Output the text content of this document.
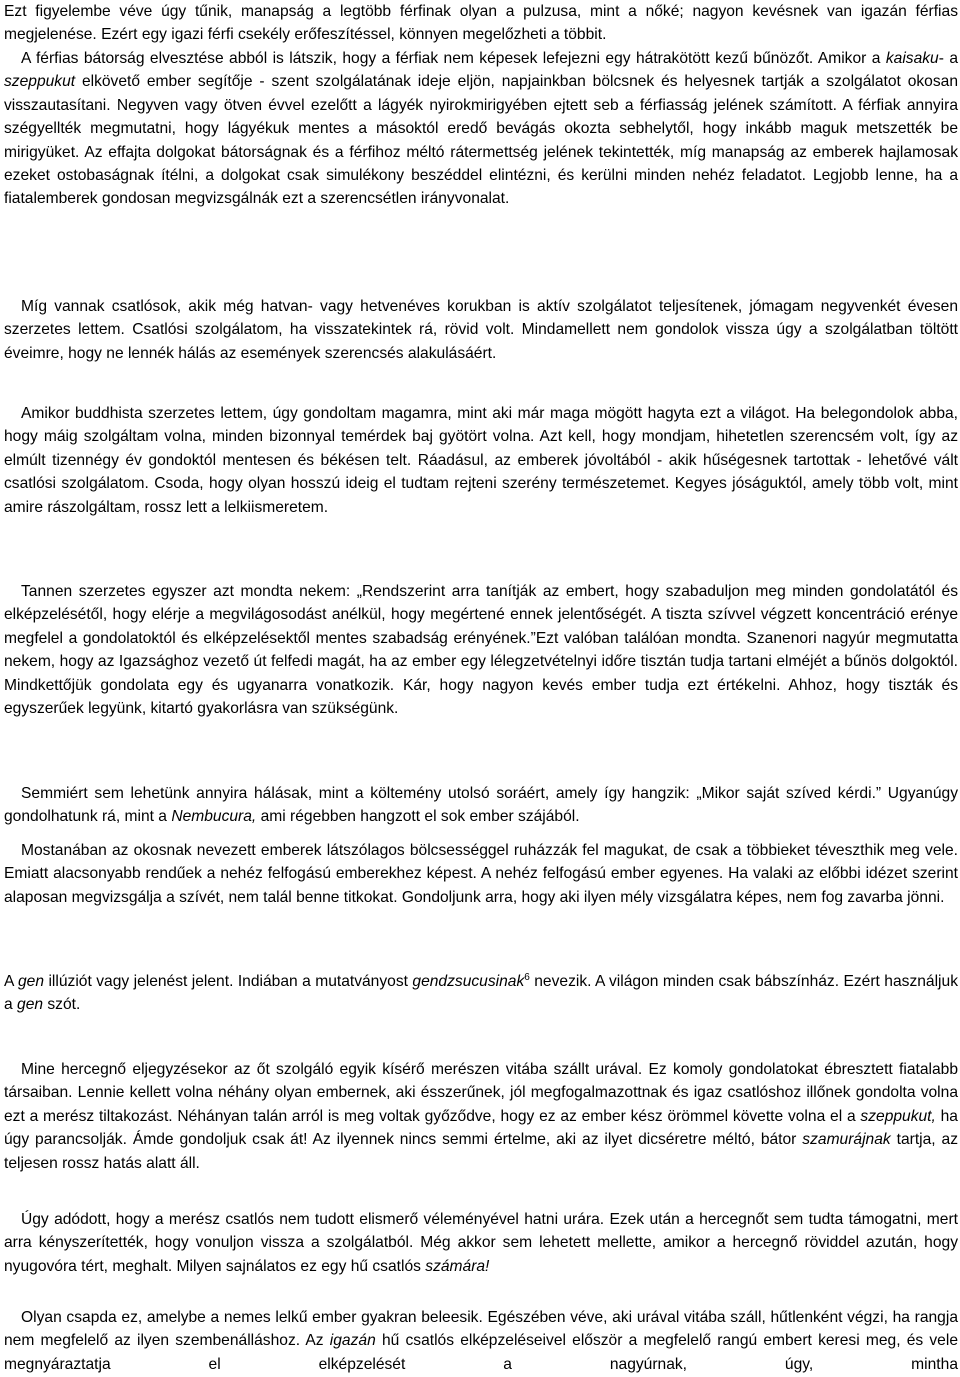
Ezt figyelembe véve úgy tűnik, manapság a legtöbb férfinak olyan a pulzusa, mint a nőké; nagyon kevésnek van igazán férfias megjelenése. Ezért egy igazi férfi csekély erőfeszítéssel, könnyen megelőzheti a többit.

A férfias bátorság elvesztése abból is látszik, hogy a férfiak nem képesek lefejezni egy hátrakötött kezű bűnözőt. Amikor a kaisaku- a szeppukut elkövető ember segítője - szent szolgálatának ideje eljön, napjainkban bölcsnek és helyesnek tartják a szolgálatot okosan visszautasítani. Negyven vagy ötven évvel ezelőtt a lágyék nyirokmirigyében ejtett seb a férfiasság jelének számított. A férfiak annyira szégyellték megmutatni, hogy lágyékuk mentes a másoktól eredő bevágás okozta sebhelytől, hogy inkább maguk metszették be mirigyüket. Az effajta dolgokat bátorságnak és a férfihoz méltó rátermettség jelének tekintették, míg manapság az emberek hajlamosak ezeket ostobaságnak ítélni, a dolgokat csak simulékony beszéddel elintézni, és kerülni minden nehéz feladatot. Legjobb lenne, ha a fiatalemberek gondosan megvizsgálnák ezt a szerencsétlen irányvonalat.

Míg vannak csatlósok, akik még hatvan- vagy hetvenéves korukban is aktív szolgálatot teljesítenek, jómagam negyvenkét évesen szerzetes lettem. Csatlósi szolgálatom, ha visszatekintek rá, rövid volt. Mindamellett nem gondolok vissza úgy a szolgálatban töltött éveimre, hogy ne lennék hálás az események szerencsés alakulásáért.

Amikor buddhista szerzetes lettem, úgy gondoltam magamra, mint aki már maga mögött hagyta ezt a világot. Ha belegondolok abba, hogy máig szolgáltam volna, minden bizonnyal temérdek baj gyötört volna. Azt kell, hogy mondjam, hihetetlen szerencsém volt, így az elmúlt tizennégy év gondoktól mentesen és békésen telt. Ráadásul, az emberek jóvoltából - akik hűségesnek tartottak - lehetővé vált csatlósi szolgálatom. Csoda, hogy olyan hosszú ideig el tudtam rejteni szerény természetemet. Kegyes jóságuktól, amely több volt, mint amire rászolgáltam, rossz lett a lelkiismeretem.

Tannen szerzetes egyszer azt mondta nekem: „Rendszerint arra tanítják az embert, hogy szabaduljon meg minden gondolatától és elképzelésétől, hogy elérje a megvilágosodást anélkül, hogy megértené ennek jelentőségét. A tiszta szívvel végzett koncentráció erénye megfelel a gondolatoktól és elképzelésektől mentes szabadság erényének.”Ezt valóban találóan mondta. Szanenori nagyúr megmutatta nekem, hogy az Igazsághoz vezető út felfedi magát, ha az ember egy lélegzetvételnyi időre tisztán tudja tartani elméjét a bűnös dolgoktól. Mindkettőjük gondolata egy és ugyanarra vonatkozik. Kár, hogy nagyon kevés ember tudja ezt értékelni. Ahhoz, hogy tiszták és egyszerűek legyünk, kitartó gyakorlásra van szükségünk.

Semmiért sem lehetünk annyira hálásak, mint a költemény utolsó soráért, amely így hangzik: „Mikor saját szíved kérdi.” Ugyanúgy gondolhatunk rá, mint a Nembucura, ami régebben hangzott el sok ember szájából.

Mostanában az okosnak nevezett emberek látszólagos bölcsességgel ruházzák fel magukat, de csak a többieket téveszthik meg vele. Emiatt alacsonyabb rendűek a nehéz felfogású emberekhez képest. A nehéz felfogású ember egyenes. Ha valaki az előbbi idézet szerint alaposan megvizsgálja a szívét, nem talál benne titkokat. Gondoljunk arra, hogy aki ilyen mély vizsgálatra képes, nem fog zavarba jönni.

A gen illúziót vagy jelenést jelent. Indiában a mutatványost gendzsucusinak$^6$ nevezik. A világon minden csak bábszínház. Ezért használjuk a gen szót.

Mine hercegnő eljegyzésekor az őt szolgáló egyik kísérő merészen vitába szállt urával. Ez komoly gondolatokat ébresztett fiatalabb társaiban. Lennie kellett volna néhány olyan embernek, aki ésszerűnek, jól megfogalmazottnak és igaz csatlóshoz illőnek gondolta volna ezt a merész tiltakozást. Néhányan talán arról is meg voltak győződve, hogy ez az ember kész örömmel követte volna el a szeppukut, ha úgy parancsolják. Ámde gondoljuk csak át! Az ilyennek nincs semmi értelme, aki az ilyet dicséretre méltó, bátor szamurájnak tartja, az teljesen rossz hatás alatt áll.

Úgy adódott, hogy a merész csatlós nem tudott elismerő véleményével hatni urára. Ezek után a hercegnőt sem tudta támogatni, mert arra kényszerítették, hogy vonuljon vissza a szolgálatból. Még akkor sem lehetett mellette, amikor a hercegnő röviddel azután, hogy nyugovóra tért, meghalt. Milyen sajnálatos ez egy hű csatlós számára!

Olyan csapda ez, amelybe a nemes lelkű ember gyakran beleesik. Egészében véve, aki urával vitába száll, hűtlenként végzi, ha rangja nem megfelelő az ilyen szembenálláshoz. Az igazán hű csatlós elképzeléseivel először a megfelelő rangú embert keresi meg, és vele megnyáraztatja el elképzelését a nagyúrnak, úgy, mintha
